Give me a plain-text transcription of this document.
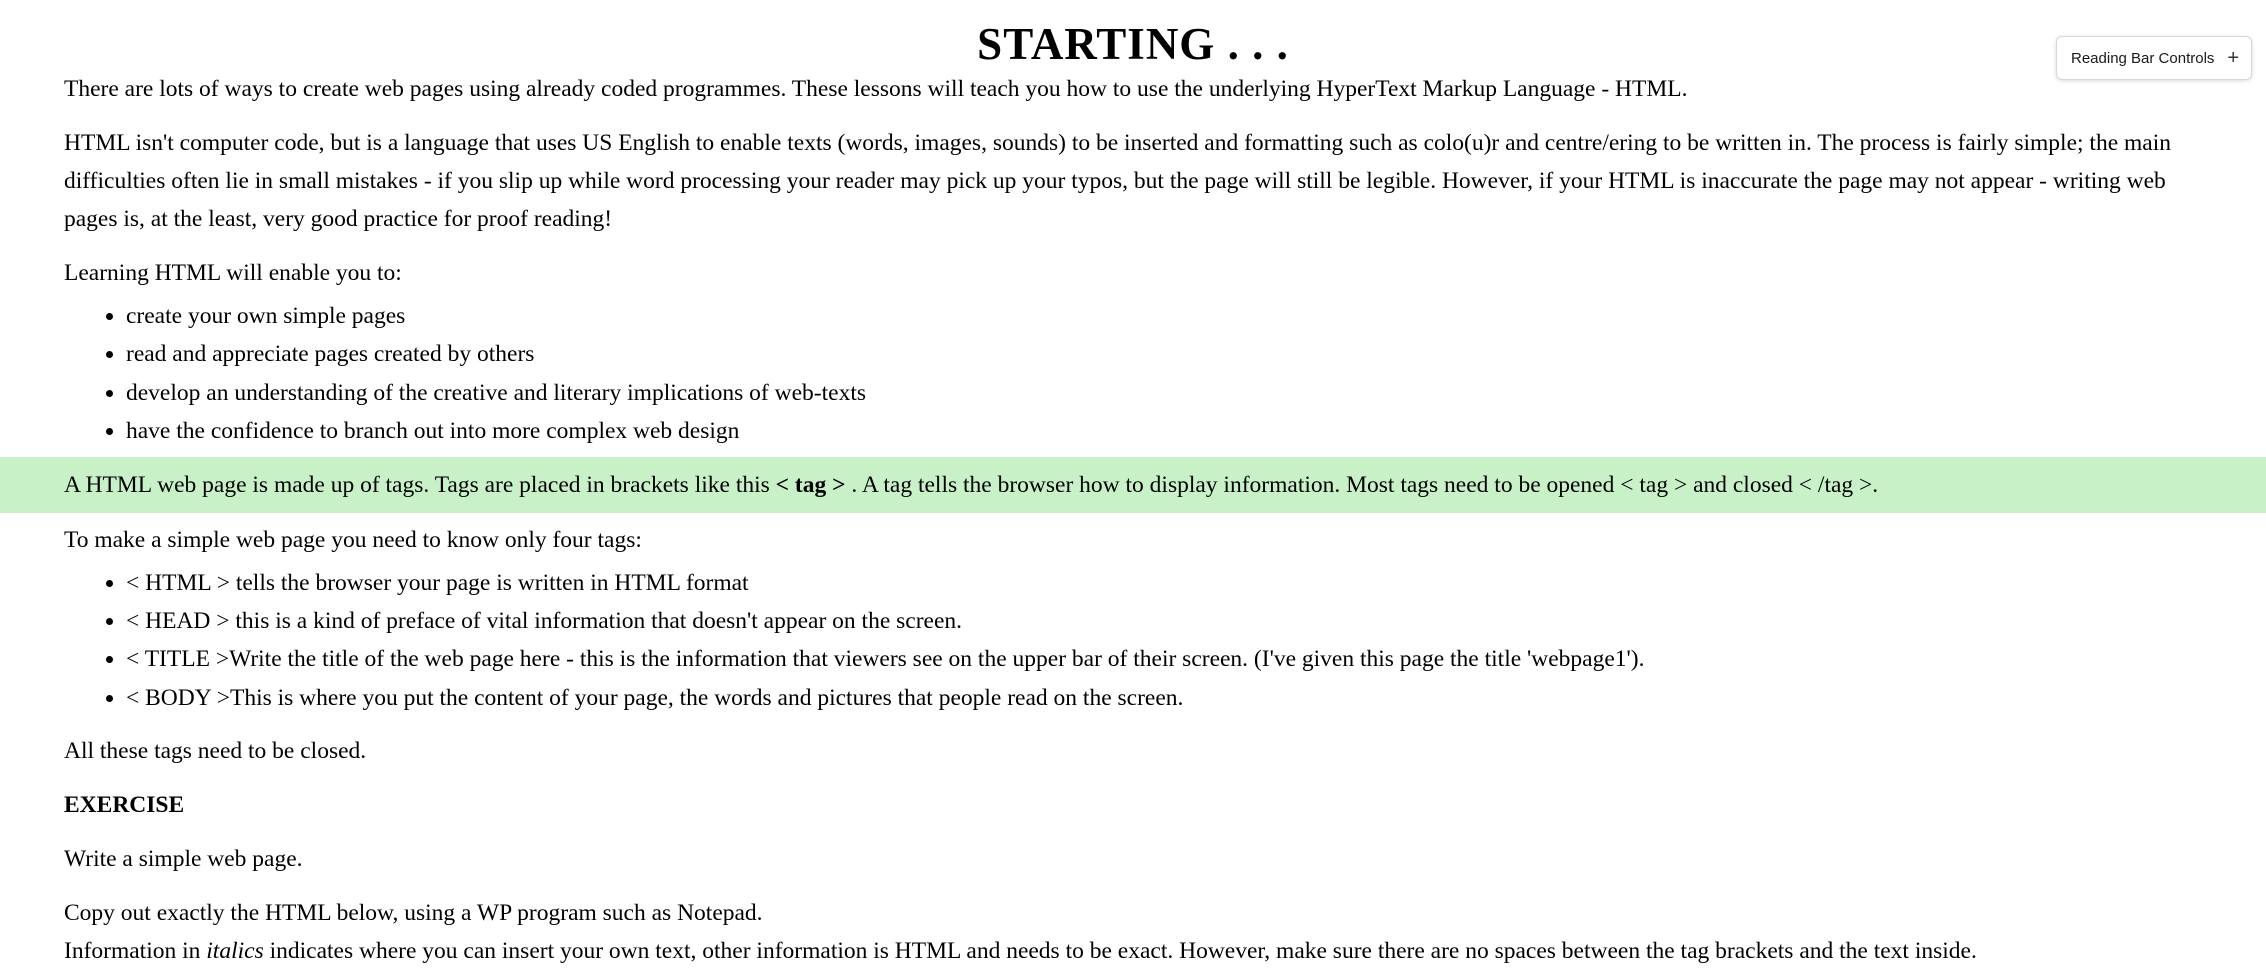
STARTING . . .

There are lots of ways to create web pages using already coded programmes. These lessons will teach you how to use the underlying HyperText Markup Language - HTML.

HTML isn't computer code, but is a language that uses US English to enable texts (words, images, sounds) to be inserted and formatting such as colo(u)r and centre/ering to be written in. The process is fairly simple; the main difficulties often lie in small mistakes - if you slip up while word processing your reader may pick up your typos, but the page will still be legible. However, if your HTML is inaccurate the page may not appear - writing web pages is, at the least, very good practice for proof reading!

Learning HTML will enable you to:

• create your own simple pages
• read and appreciate pages created by others
• develop an understanding of the creative and literary implications of web-texts
• have the confidence to branch out into more complex web design
A HTML web page is made up of tags. Tags are placed in brackets like this < tag > . A tag tells the browser how to display information. Most tags need to be opened < tag > and closed < /tag >.

To make a simple web page you need to know only four tags:

• < HTML > tells the browser your page is written in HTML format
• < HEAD > this is a kind of preface of vital information that doesn't appear on the screen.
• < TITLE >Write the title of the web page here - this is the information that viewers see on the upper bar of their screen. (I've given this page the title 'webpage1').
• < BODY >This is where you put the content of your page, the words and pictures that people read on the screen.

All these tags need to be closed.

EXERCISE

Write a simple web page.

Copy out exactly the HTML below, using a WP program such as Notepad.

Information in italics indicates where you can insert your own text, other information is HTML and needs to be exact. However, make sure there are no spaces between the tag brackets and the text inside.

Reading Bar Controls +
